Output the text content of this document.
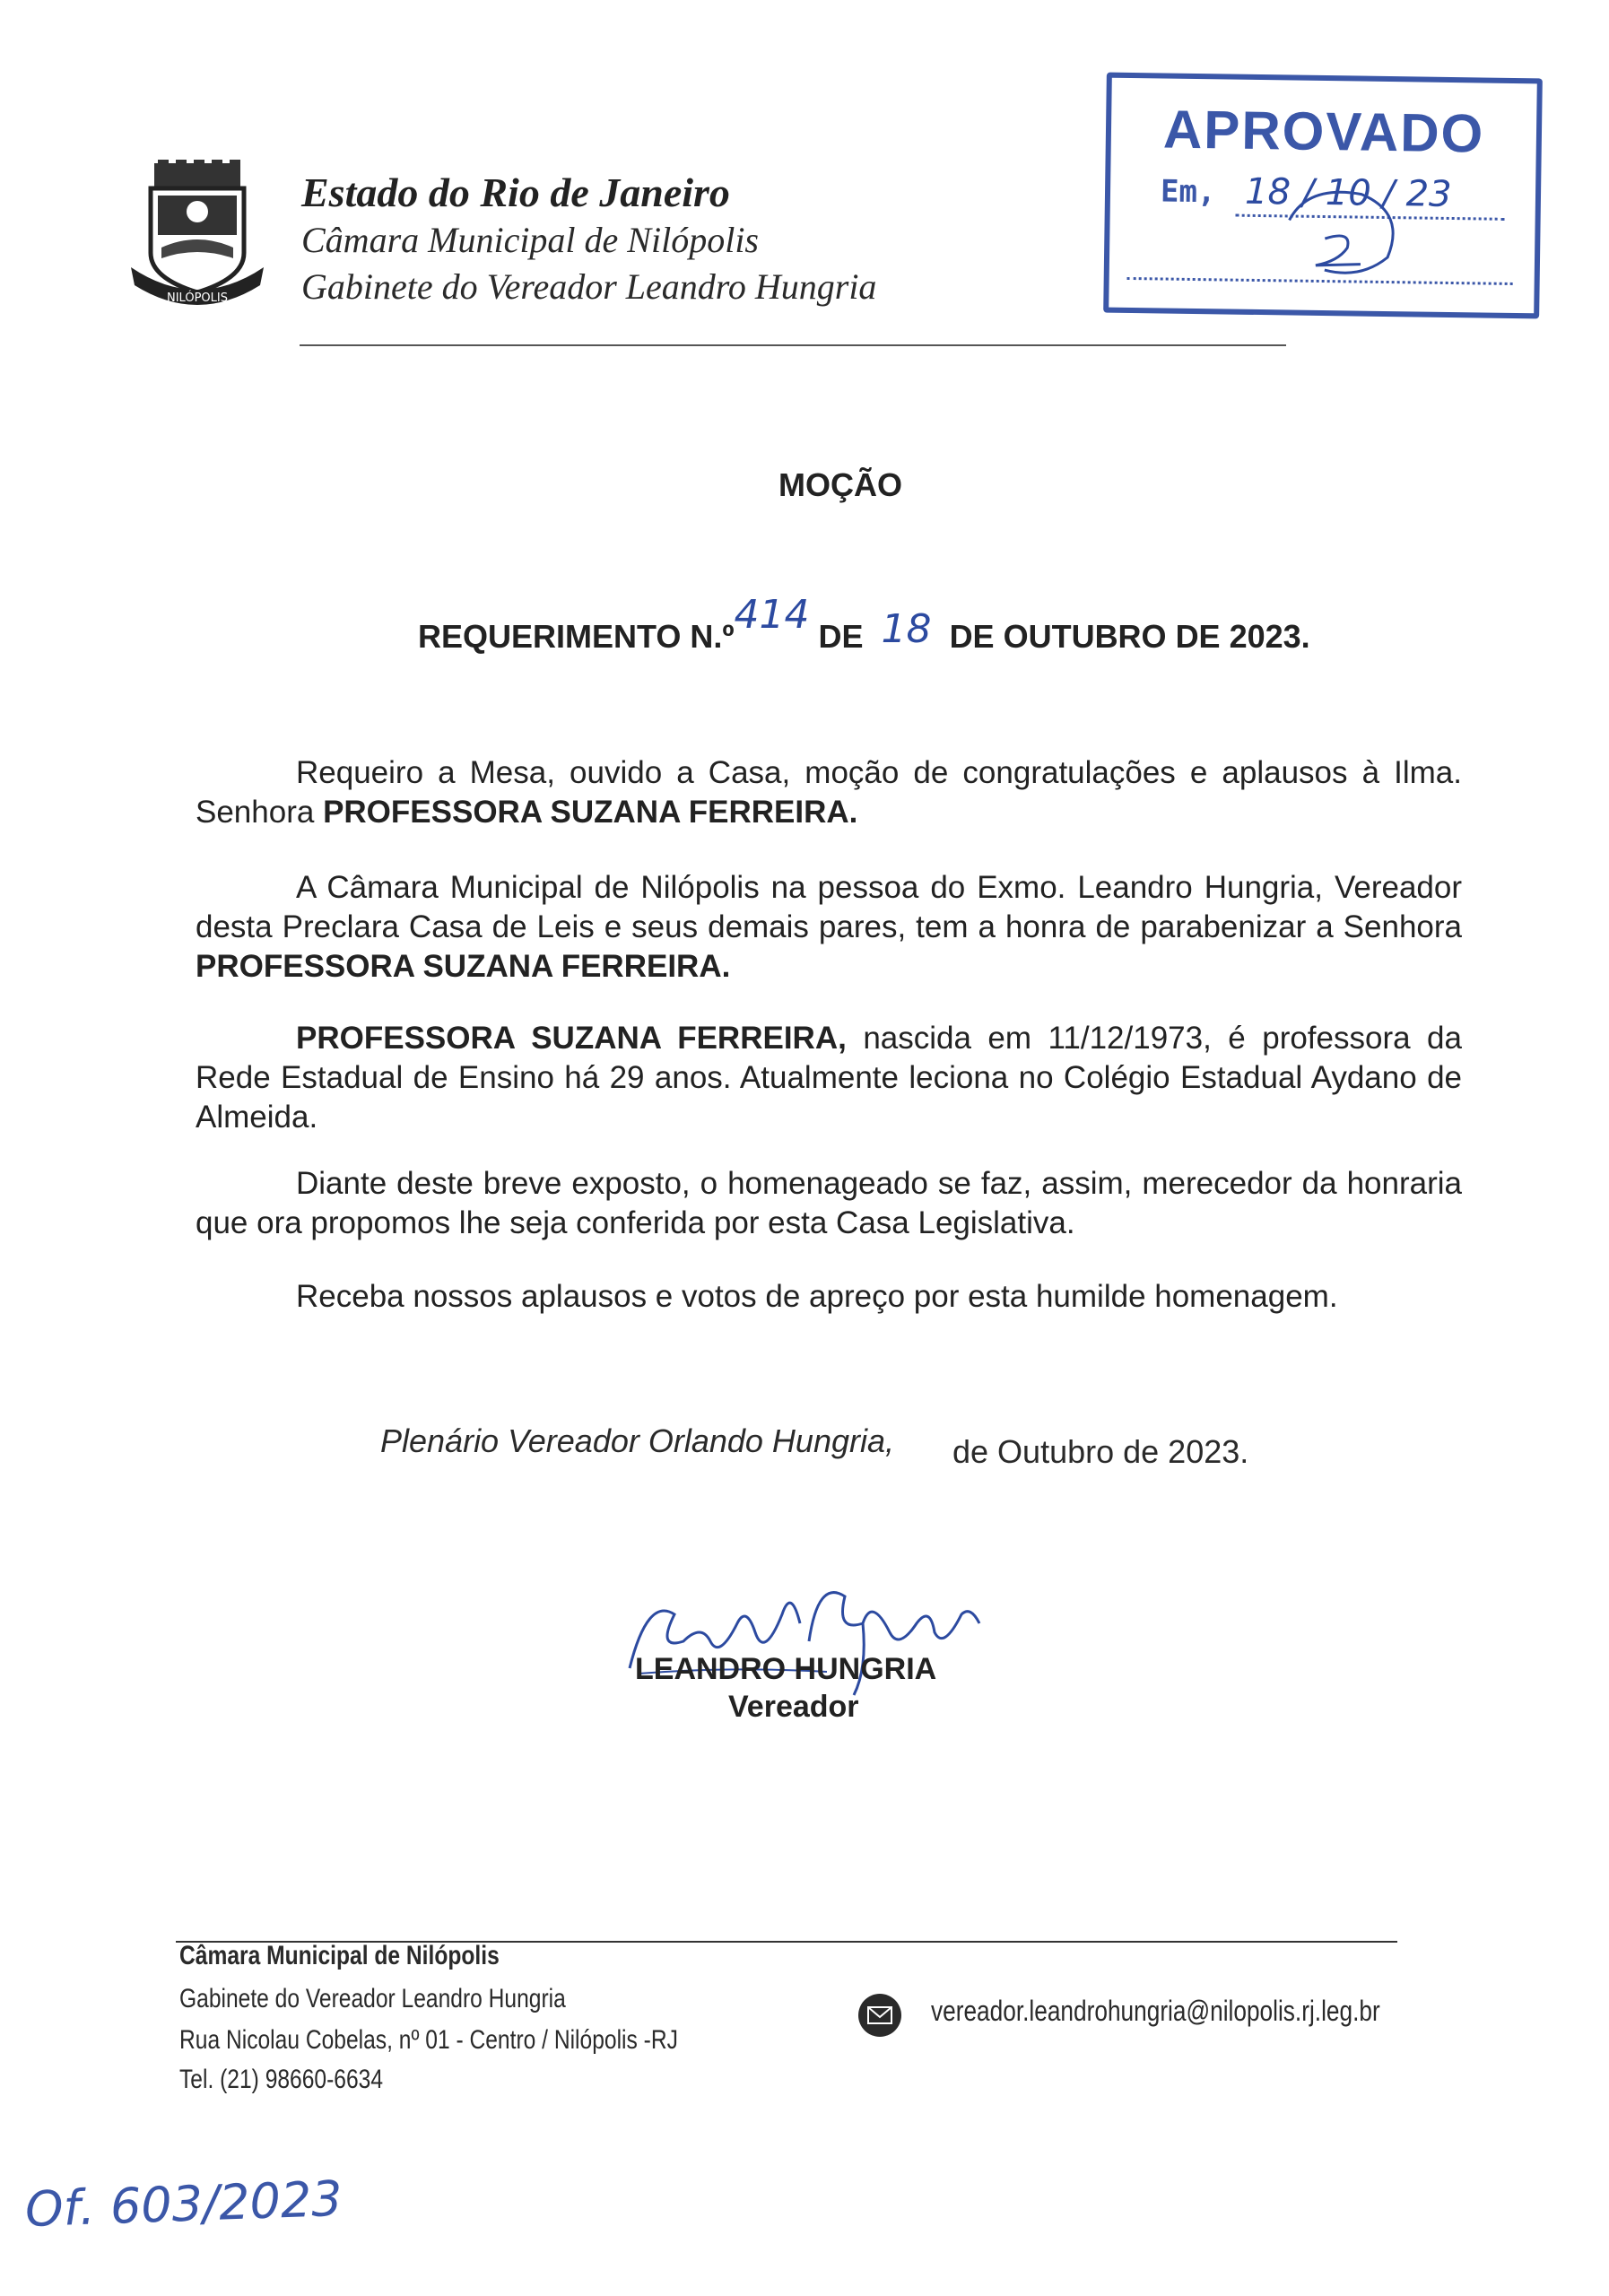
NILÓPOLIS
Estado do Rio de Janeiro
Câmara Municipal de Nilópolis
Gabinete do Vereador Leandro Hungria
APROVADO
Em, 18 / 10 / 23
MOÇÃO
REQUERIMENTO N.º414 DE 18 DE OUTUBRO DE 2023.
Requeiro a Mesa, ouvido a Casa, moção de congratulações e aplausos à Ilma. Senhora PROFESSORA SUZANA FERREIRA.
A Câmara Municipal de Nilópolis na pessoa do Exmo. Leandro Hungria, Vereador desta Preclara Casa de Leis e seus demais pares, tem a honra de parabenizar a Senhora PROFESSORA SUZANA FERREIRA.
PROFESSORA SUZANA FERREIRA, nascida em 11/12/1973, é professora da Rede Estadual de Ensino há 29 anos. Atualmente leciona no Colégio Estadual Aydano de Almeida.
Diante deste breve exposto, o homenageado se faz, assim, merecedor da honraria que ora propomos lhe seja conferida por esta Casa Legislativa.
Receba nossos aplausos e votos de apreço por esta humilde homenagem.
Plenário Vereador Orlando Hungria, de Outubro de 2023.
LEANDRO HUNGRIA
Vereador
Câmara Municipal de Nilópolis
Gabinete do Vereador Leandro Hungria
Rua Nicolau Cobelas, nº 01 - Centro / Nilópolis -RJ
Tel. (21) 98660-6634
vereador.leandrohungria@nilopolis.rj.leg.br
Of. 603/2023
